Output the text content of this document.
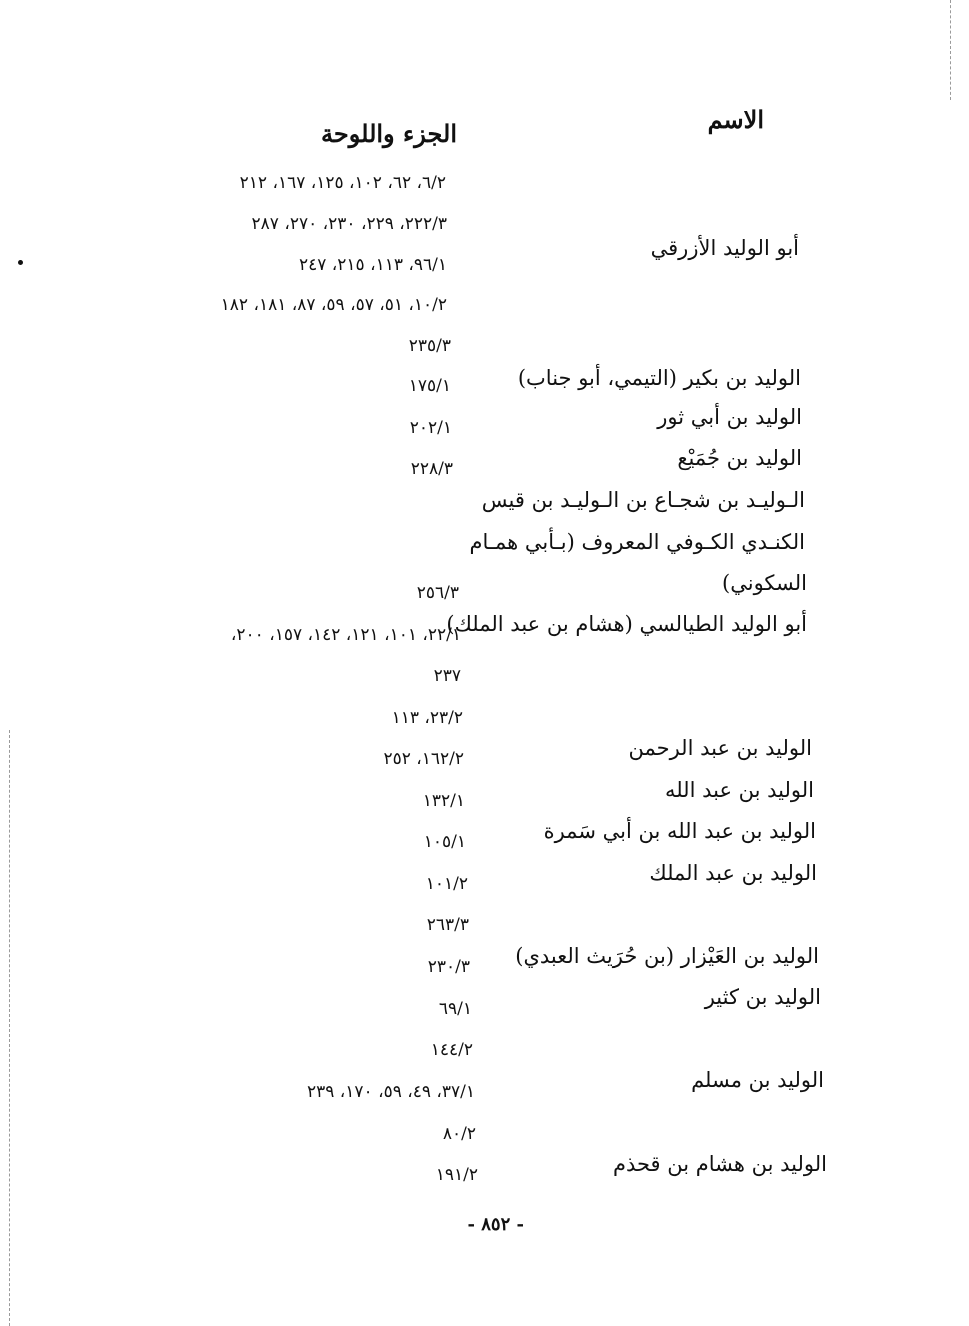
الاسم
الجزء واللوحة
أبو الوليد الأزرقي
الوليد بن بكير (التيمي، أبو جناب)
الوليد بن أبي ثور
الوليد بن جُمَيْع
الـوليـد بن شجـاع بن الـوليـد بن قيس
الكنـدي الكـوفي المعروف (بـأبي همـام
السكوني)
أبو الوليد الطيالسي (هشام بن عبد الملك)
الوليد بن عبد الرحمن
الوليد بن عبد الله
الوليد بن عبد الله بن أبي سَمرة
الوليد بن عبد الملك
الوليد بن العَيْزار (بن حُرَيث العبدي)
الوليد بن كثير
الوليد بن مسلم
الوليد بن هشام بن قحذم
٦/٢، ٦٢، ١٠٢، ١٢٥، ١٦٧، ٢١٢
٢٢٢/٣، ٢٢٩، ٢٣٠، ٢٧٠، ٢٨٧
٩٦/١، ١١٣، ٢١٥، ٢٤٧
١٠/٢، ٥١، ٥٧، ٥٩، ٨٧، ١٨١، ١٨٢
٢٣٥/٣
١٧٥/١
٢٠٢/١
٢٢٨/٣
٢٥٦/٣
٢٢/١، ١٠١، ١٢١، ١٤٢، ١٥٧، ٢٠٠،
٢٣٧
٢٣/٢، ١١٣
١٦٢/٢، ٢٥٢
١٣٢/١
١٠٥/١
١٠١/٢
٢٦٣/٣
٢٣٠/٣
٦٩/١
١٤٤/٢
٣٧/١، ٤٩، ٥٩، ١٧٠، ٢٣٩
٨٠/٢
١٩١/٢
- ٨٥٢ -
